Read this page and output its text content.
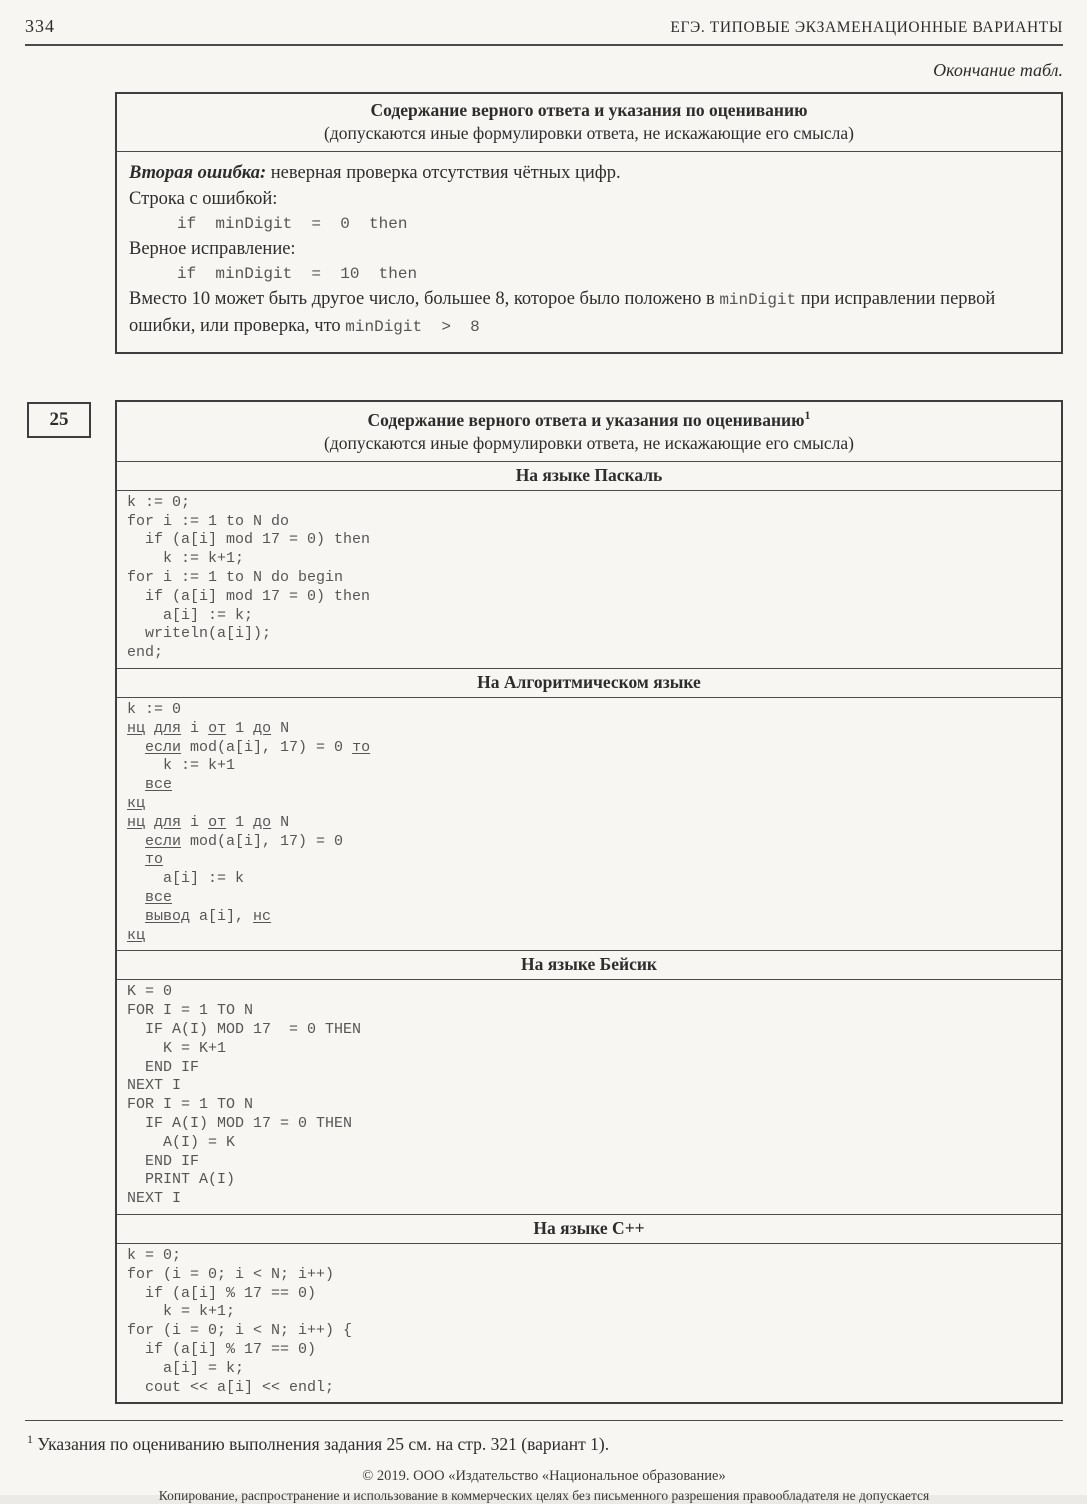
334	ЕГЭ. ТИПОВЫЕ ЭКЗАМЕНАЦИОННЫЕ ВАРИАНТЫ
Окончание табл.
Содержание верного ответа и указания по оцениванию
(допускаются иные формулировки ответа, не искажающие его смысла)

Вторая ошибка: неверная проверка отсутствия чётных цифр.

Строка с ошибкой:

if  minDigit  =  0  then

Верное исправление:

if  minDigit  =  10  then

Вместо 10 может быть другое число, большее 8, которое было положено в minDigit при исправлении первой ошибки, или проверка, что minDigit  >  8

25	Содержание верного ответа и указания по оцениванию$^1$
(допускаются иные формулировки ответа, не искажающие его смысла)
На языке Паскаль
k := 0;
for i := 1 to N do
if (a[i] mod 17 = 0) then
k := k+1;
for i := 1 to N do begin
if (a[i] mod 17 = 0) then
a[i] := k;
writeln(a[i]);
end;
На Алгоритмическом языке
k := 0
нц для i от 1 до N
если mod(a[i], 17) = 0 то
k := k+1
все
кц
нц для i от 1 до N
если mod(a[i], 17) = 0
то
a[i] := k
все
вывод a[i], нс
кц
На языке Бейсик
K = 0
FOR I = 1 TO N
IF A(I) MOD 17  = 0 THEN
K = K+1
END IF
NEXT I
FOR I = 1 TO N
IF A(I) MOD 17 = 0 THEN
A(I) = K
END IF
PRINT A(I)
NEXT I
На языке C++
k = 0;
for (i = 0; i < N; i++)
if (a[i] % 17 == 0)
k = k+1;
for (i = 0; i < N; i++) {
if (a[i] % 17 == 0)
a[i] = k;
cout << a[i] << endl;
$^1$ Указания по оцениванию выполнения задания 25 см. на стр. 321 (вариант 1).
© 2019. ООО «Издательство «Национальное образование»
Копирование, распространение и использование в коммерческих целях без письменного разрешения правообладателя не допускается
